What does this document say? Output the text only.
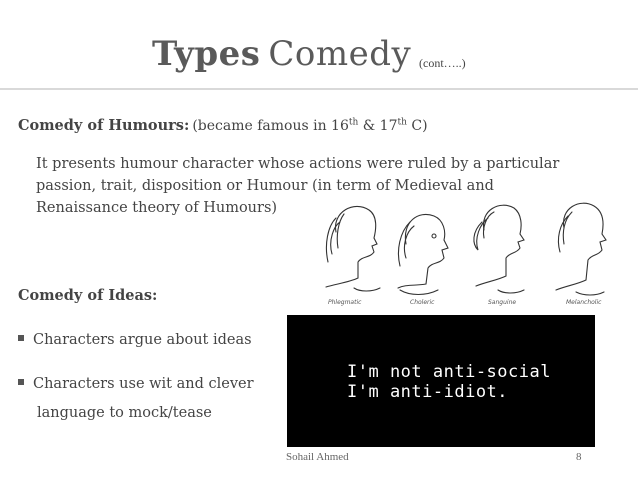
Types Comedy (cont…..)
Comedy of Humours: (became famous in 16th & 17th C)
It presents humour character whose actions were ruled by a particular
passion, trait, disposition or Humour (in term of Medieval and
Renaissance theory of Humours)
Phlegmatic	Choleric	Sanguine	Melancholic
Comedy of Ideas:
Characters argue about ideas
Characters use wit and clever
language to mock/tease
I'm not anti-social
I'm anti-idiot.
Sohail Ahmed	8
